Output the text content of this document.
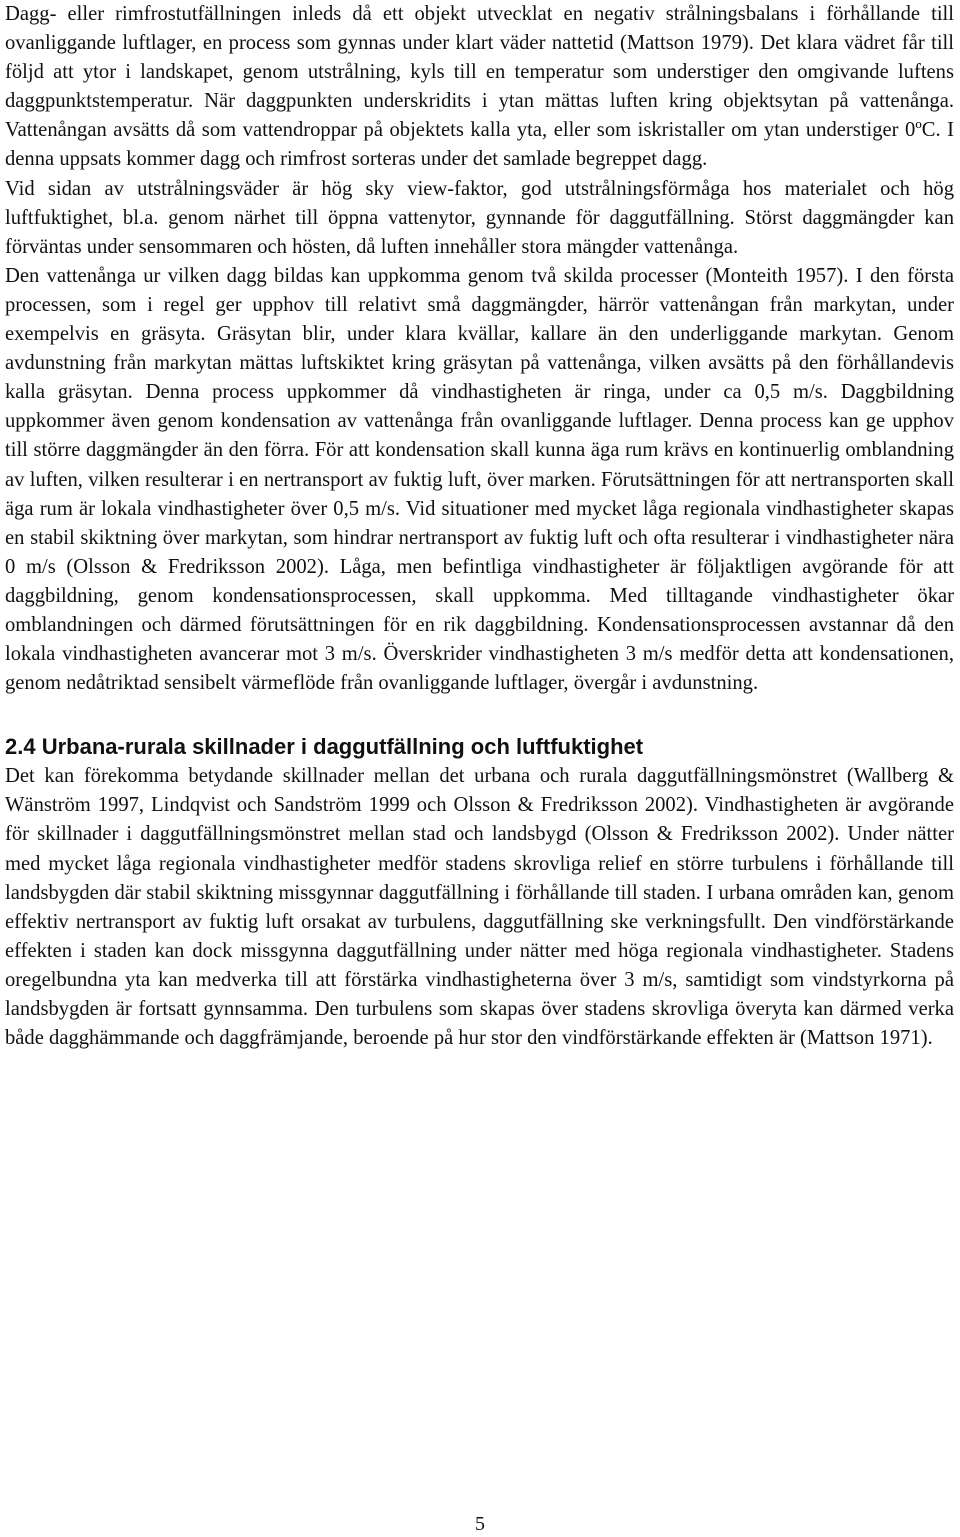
Dagg- eller rimfrostutfällningen inleds då ett objekt utvecklat en negativ strålningsbalans i förhållande till ovanliggande luftlager, en process som gynnas under klart väder nattetid (Mattson 1979). Det klara vädret får till följd att ytor i landskapet, genom utstrålning, kyls till en temperatur som understiger den omgivande luftens daggpunktstemperatur. När daggpunkten underskridits i ytan mättas luften kring objektsytan på vattenånga. Vattenångan avsätts då som vattendroppar på objektets kalla yta, eller som iskristaller om ytan understiger 0ºC. I denna uppsats kommer dagg och rimfrost sorteras under det samlade begreppet dagg.

Vid sidan av utstrålningsväder är hög sky view-faktor, god utstrålningsförmåga hos materialet och hög luftfuktighet, bl.a. genom närhet till öppna vattenytor, gynnande för daggutfällning. Störst daggmängder kan förväntas under sensommaren och hösten, då luften innehåller stora mängder vattenånga.

Den vattenånga ur vilken dagg bildas kan uppkomma genom två skilda processer (Monteith 1957). I den första processen, som i regel ger upphov till relativt små daggmängder, härrör vattenångan från markytan, under exempelvis en gräsyta. Gräsytan blir, under klara kvällar, kallare än den underliggande markytan. Genom avdunstning från markytan mättas luftskiktet kring gräsytan på vattenånga, vilken avsätts på den förhållandevis kalla gräsytan. Denna process uppkommer då vindhastigheten är ringa, under ca 0,5 m/s. Daggbildning uppkommer även genom kondensation av vattenånga från ovanliggande luftlager. Denna process kan ge upphov till större daggmängder än den förra. För att kondensation skall kunna äga rum krävs en kontinuerlig omblandning av luften, vilken resulterar i en nertransport av fuktig luft, över marken. Förutsättningen för att nertransporten skall äga rum är lokala vindhastigheter över 0,5 m/s. Vid situationer med mycket låga regionala vindhastigheter skapas en stabil skiktning över markytan, som hindrar nertransport av fuktig luft och ofta resulterar i vindhastigheter nära 0 m/s (Olsson & Fredriksson 2002). Låga, men befintliga vindhastigheter är följaktligen avgörande för att daggbildning, genom kondensationsprocessen, skall uppkomma. Med tilltagande vindhastigheter ökar omblandningen och därmed förutsättningen för en rik daggbildning. Kondensationsprocessen avstannar då den lokala vindhastigheten avancerar mot 3 m/s. Överskrider vindhastigheten 3 m/s medför detta att kondensationen, genom nedåtriktad sensibelt värmeflöde från ovanliggande luftlager, övergår i avdunstning.

2.4 Urbana-rurala skillnader i daggutfällning och luftfuktighet

Det kan förekomma betydande skillnader mellan det urbana och rurala daggutfällningsmönstret (Wallberg & Wänström 1997, Lindqvist och Sandström 1999 och Olsson & Fredriksson 2002). Vindhastigheten är avgörande för skillnader i daggutfällningsmönstret mellan stad och landsbygd (Olsson & Fredriksson 2002). Under nätter med mycket låga regionala vindhastigheter medför stadens skrovliga relief en större turbulens i förhållande till landsbygden där stabil skiktning missgynnar daggutfällning i förhållande till staden. I urbana områden kan, genom effektiv nertransport av fuktig luft orsakat av turbulens, daggutfällning ske verkningsfullt. Den vindförstärkande effekten i staden kan dock missgynna daggutfällning under nätter med höga regionala vindhastigheter. Stadens oregelbundna yta kan medverka till att förstärka vindhastigheterna över 3 m/s, samtidigt som vindstyrkorna på landsbygden är fortsatt gynnsamma. Den turbulens som skapas över stadens skrovliga överyta kan därmed verka både dagghämmande och daggfrämjande, beroende på hur stor den vindförstärkande effekten är (Mattson 1971).

5
